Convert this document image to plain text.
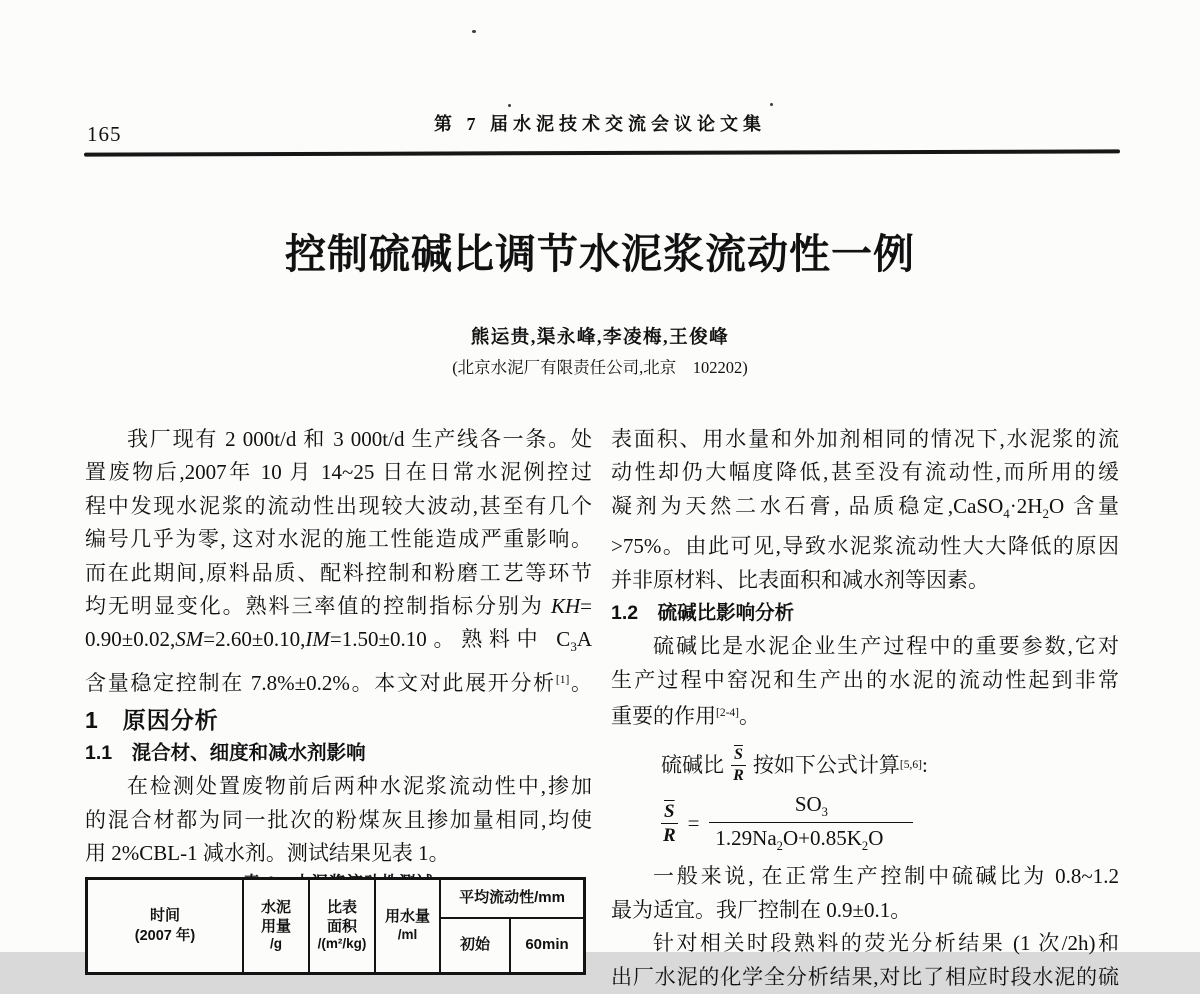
165	第 7 届水泥技术交流会议论文集
控制硫碱比调节水泥浆流动性一例
熊运贵,渠永峰,李凌梅,王俊峰
(北京水泥厂有限责任公司,北京　102202)
我厂现有 2 000t/d 和 3 000t/d 生产线各一条。处
置废物后,2007年 10 月 14~25 日在日常水泥例控过
程中发现水泥浆的流动性出现较大波动,甚至有几个
编号几乎为零, 这对水泥的施工性能造成严重影响。
而在此期间,原料品质、配料控制和粉磨工艺等环节
均无明显变化。熟料三率值的控制指标分别为 KH=
0.90±0.02,SM=2.60±0.10,IM=1.50±0.10。熟料中 $C_3A$
含量稳定控制在 7.8%±0.2%。本文对此展开分析[1]。
1　原因分析
1.1　混合材、细度和减水剂影响
在检测处置废物前后两种水泥浆流动性中,掺加
的混合材都为同一批次的粉煤灰且掺加量相同,均使
用 2%CBL-1 减水剂。测试结果见表 1。
时间
(2007 年)
水泥
用量
/g
比表
面积
/(m²/kg)
用水量
/ml
平均流动性/mm
初始	60min
表面积、用水量和外加剂相同的情况下,水泥浆的流
动性却仍大幅度降低,甚至没有流动性,而所用的缓
凝剂为天然二水石膏, 品质稳定$,CaSO_4\cdot 2H_2O$ 含量
>75%。由此可见,导致水泥浆流动性大大降低的原因
并非原材料、比表面积和减水剂等因素。
1.2　硫碱比影响分析
硫碱比是水泥企业生产过程中的重要参数,它对
生产过程中窑况和生产出的水泥的流动性起到非常
重要的作用[2-4]。
硫碱比 $\frac{\overline{S}}{R}$ 按如下公式计算 [5,6] :
$\frac{\overline{S}}{R} = \frac{SO_3}{1.29Na_2O+0.85K_2O}$
一般来说, 在正常生产控制中硫碱比为 0.8~1.2
最为适宜。我厂控制在 0.9±0.1。
针对相关时段熟料的荧光分析结果 (1 次/2h)和
出厂水泥的化学全分析结果,对比了相应时段水泥的硫
